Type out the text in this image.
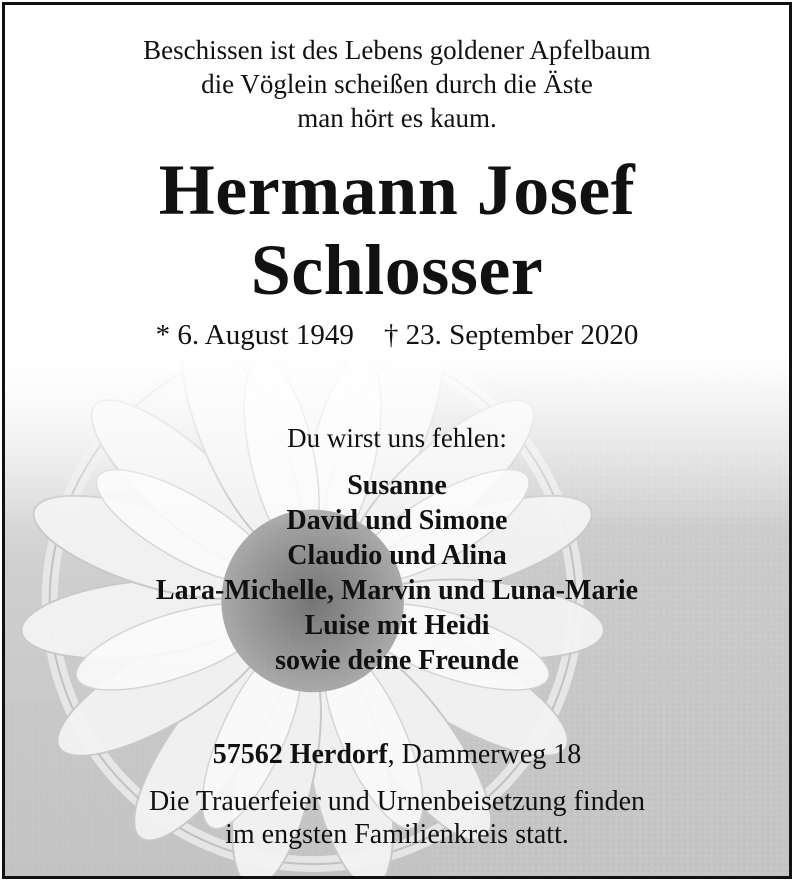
Beschissen ist des Lebens goldener Apfelbaum
die Vöglein scheißen durch die Äste
man hört es kaum.
Hermann Josef
Schlosser
* 6. August 1949 † 23. September 2020
Du wirst uns fehlen:
Susanne
David und Simone
Claudio und Alina
Lara-Michelle, Marvin und Luna-Marie
Luise mit Heidi
sowie deine Freunde
57562 Herdorf, Dammerweg 18
Die Trauerfeier und Urnenbeisetzung finden
im engsten Familienkreis statt.
